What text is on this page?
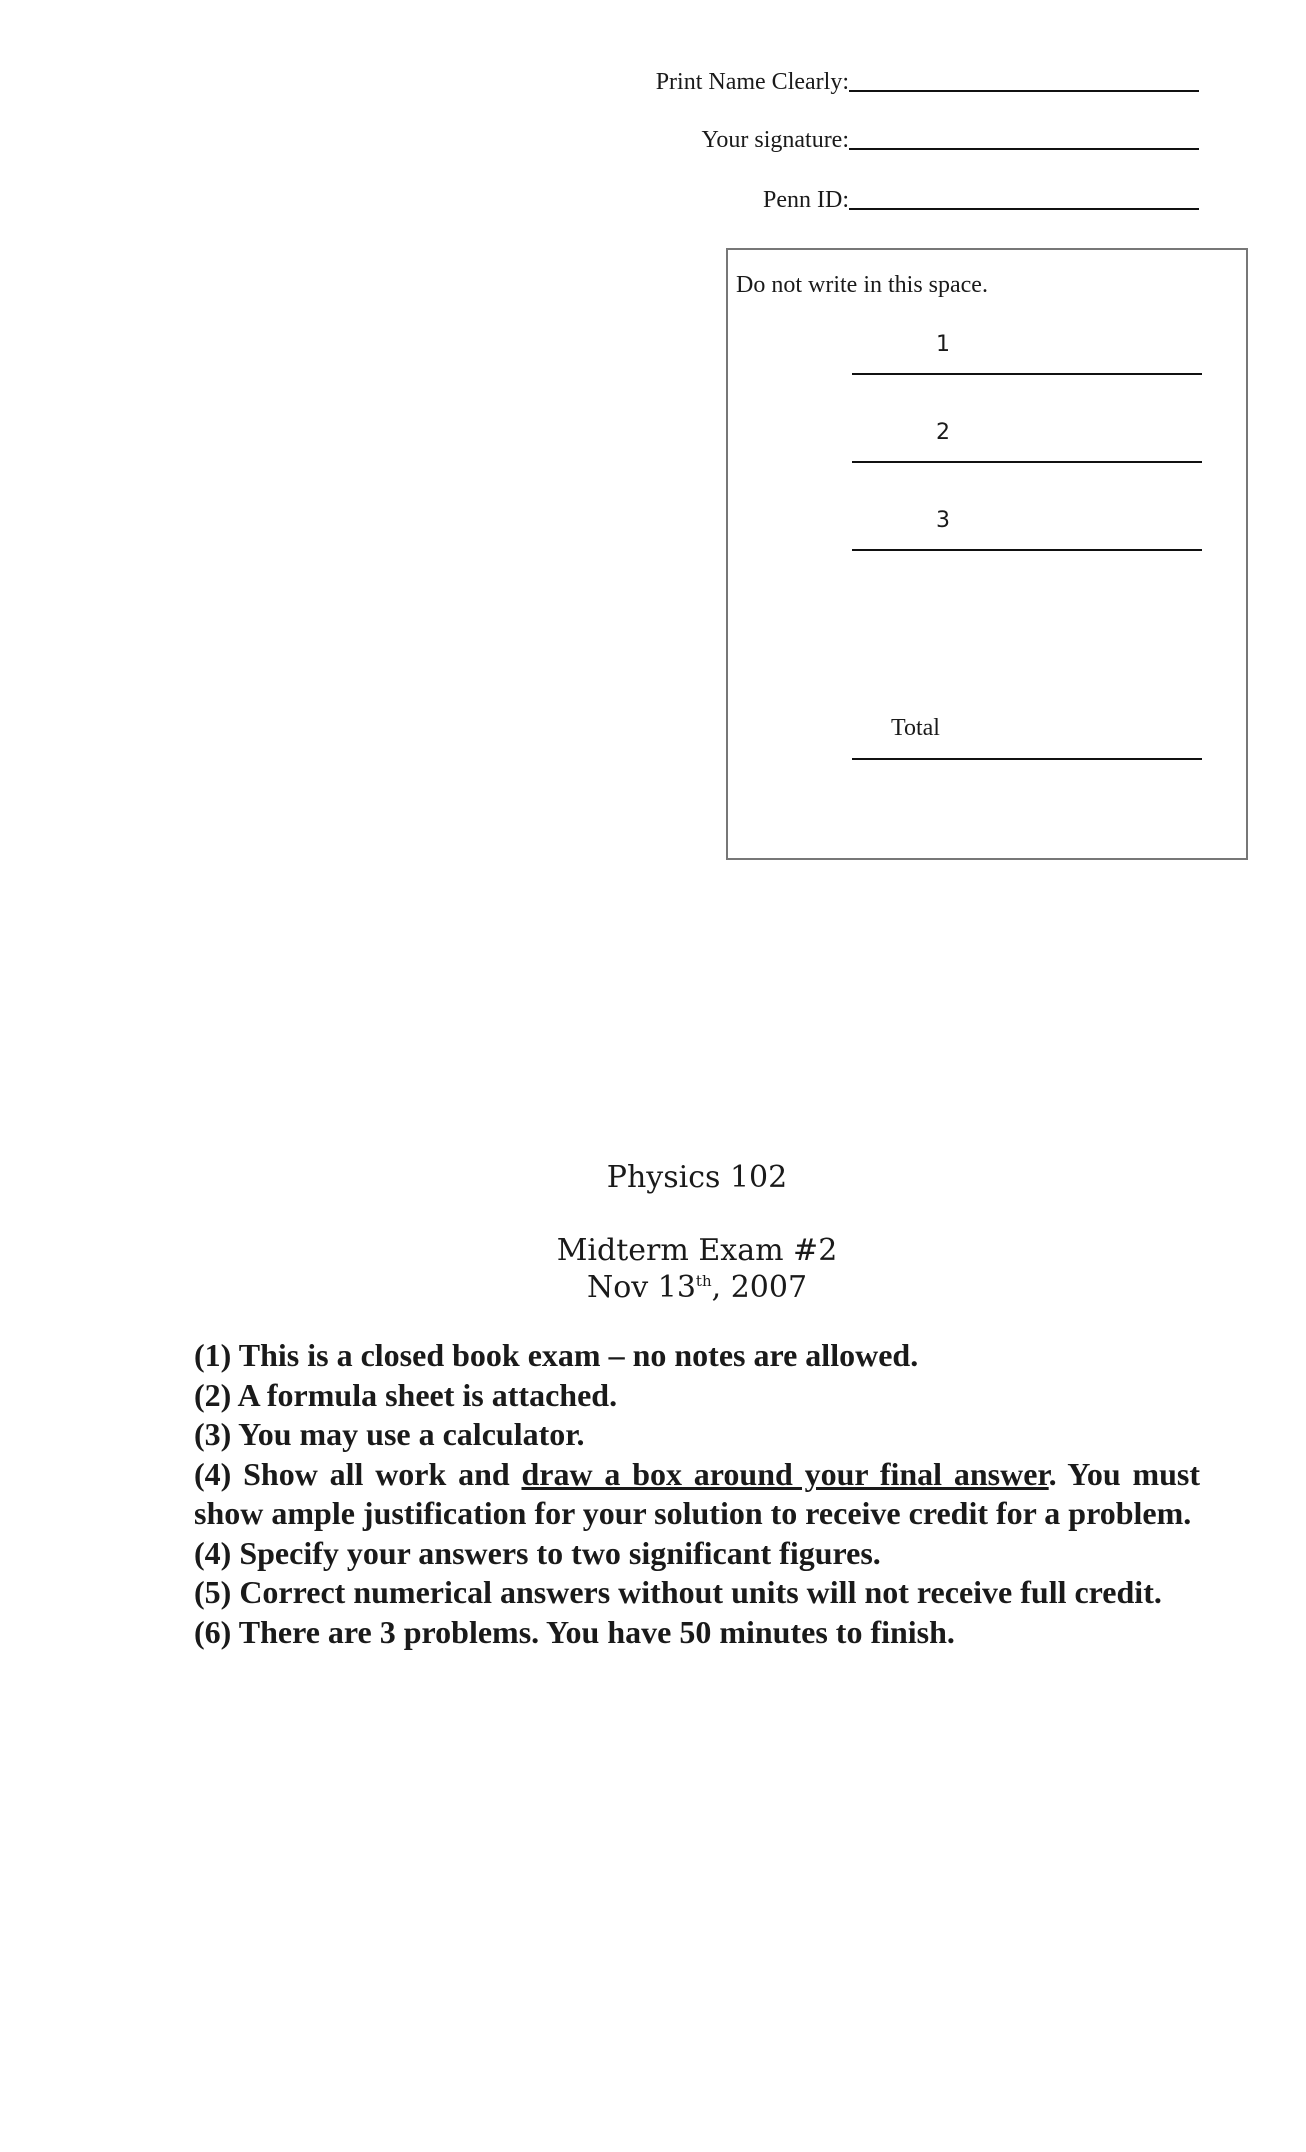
Print Name Clearly:
Your signature:
Penn ID:
Do not write in this space.
1
2
3
Total
Physics 102
Midterm Exam #2
Nov 13th, 2007

(1) This is a closed book exam – no notes are allowed.

(2) A formula sheet is attached.

(3) You may use a calculator.

(4) Show all work and draw a box around your final answer. You must show ample justification for your solution to receive credit for a problem.

(4) Specify your answers to two significant figures.

(5) Correct numerical answers without units will not receive full credit.

(6) There are 3 problems. You have 50 minutes to finish.
